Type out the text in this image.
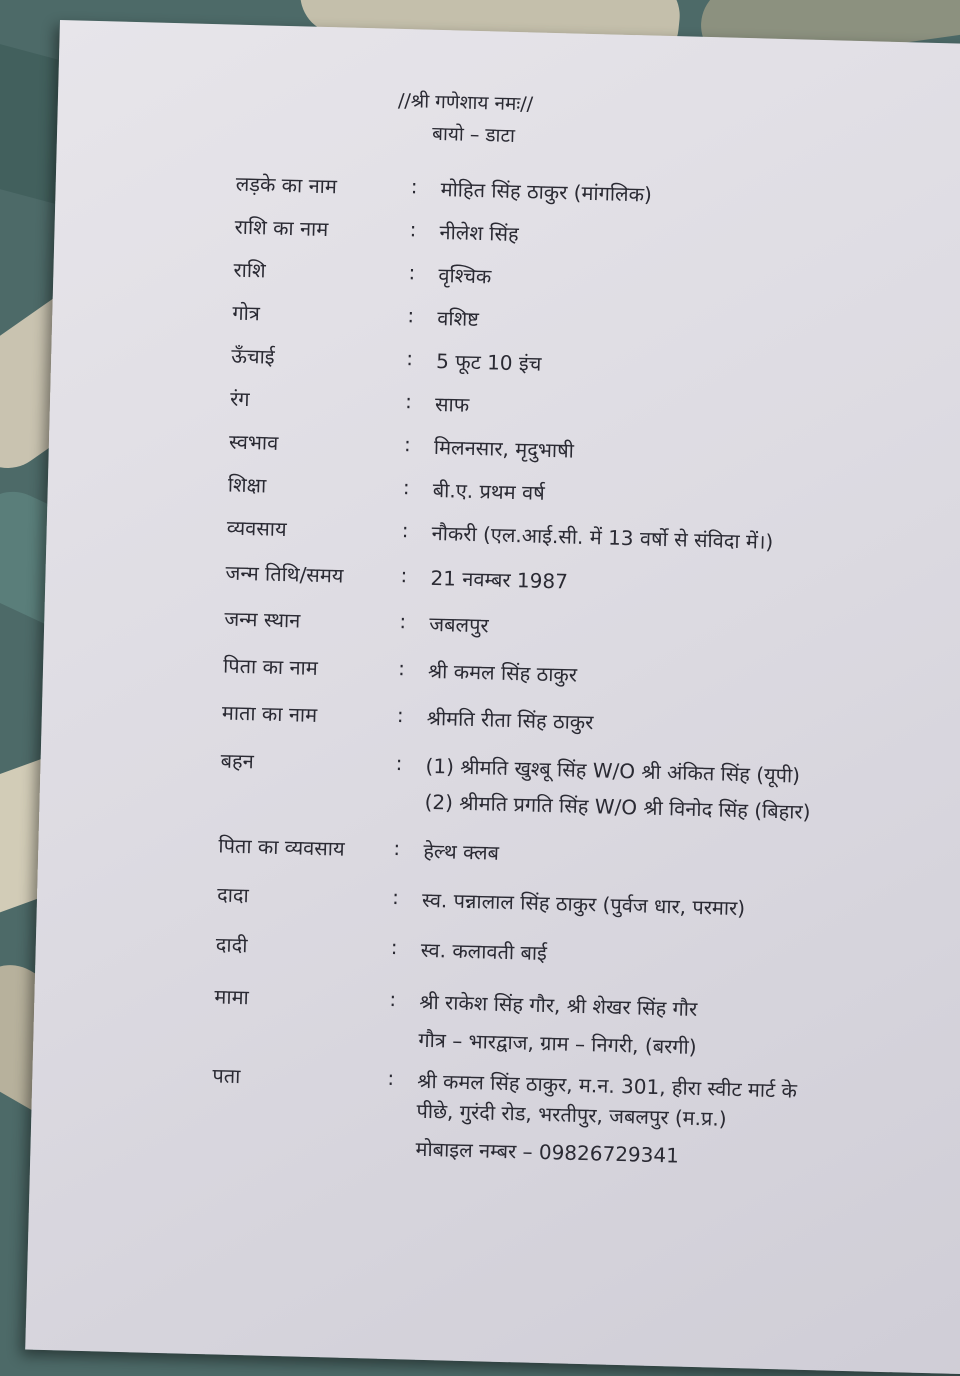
//श्री गणेशाय नमः//
बायो – डाटा
लड़के का नाम	: मोहित सिंह ठाकुर (मांगलिक)
राशि का नाम	: नीलेश सिंह
राशि	: वृश्चिक
गोत्र	: वशिष्ट
ऊँचाई	: 5 फूट 10 इंच
रंग	: साफ
स्वभाव	: मिलनसार, मृदुभाषी
शिक्षा	: बी.ए. प्रथम वर्ष
व्यवसाय	: नौकरी (एल.आई.सी. में 13 वर्षो से संविदा में।)
जन्म तिथि/समय	: 21 नवम्बर 1987
जन्म स्थान	: जबलपुर
पिता का नाम	: श्री कमल सिंह ठाकुर
माता का नाम	: श्रीमति रीता सिंह ठाकुर
बहन	: (1) श्रीमति खुश्बू सिंह W/O श्री अंकित सिंह (यूपी)
(2) श्रीमति प्रगति सिंह W/O श्री विनोद सिंह (बिहार)
पिता का व्यवसाय : हेल्थ क्लब
दादा	: स्व. पन्नालाल सिंह ठाकुर (पुर्वज धार, परमार)
दादी	: स्व. कलावती बाई
मामा	: श्री राकेश सिंह गौर, श्री शेखर सिंह गौर
गौत्र – भारद्वाज, ग्राम – निगरी, (बरगी)
पता	: श्री कमल सिंह ठाकुर, म.न. 301, हीरा स्वीट मार्ट के
पीछे, गुरंदी रोड, भरतीपुर, जबलपुर (म.प्र.)
मोबाइल नम्बर – 09826729341
